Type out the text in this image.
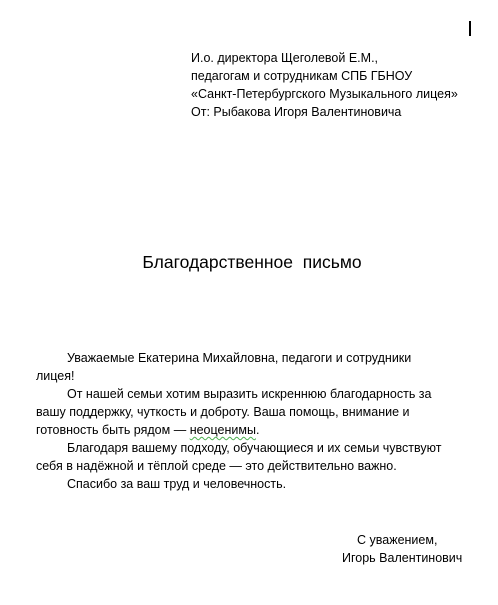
И.о. директора Щеголевой Е.М.,
педагогам и сотрудникам СПБ ГБНОУ
«Санкт-Петербургского Музыкального лицея»
От: Рыбакова Игоря Валентиновича
Благодарственное  письмо
Уважаемые Екатерина Михайловна, педагоги и сотрудники
лицея!
От нашей семьи хотим выразить искреннюю благодарность за
вашу поддержку, чуткость и доброту. Ваша помощь, внимание и
готовность быть рядом — неоценимы.
Благодаря вашему подходу, обучающиеся и их семьи чувствуют
себя в надёжной и тёплой среде — это действительно важно.
Спасибо за ваш труд и человечность.
С уважением,
Игорь Валентинович
